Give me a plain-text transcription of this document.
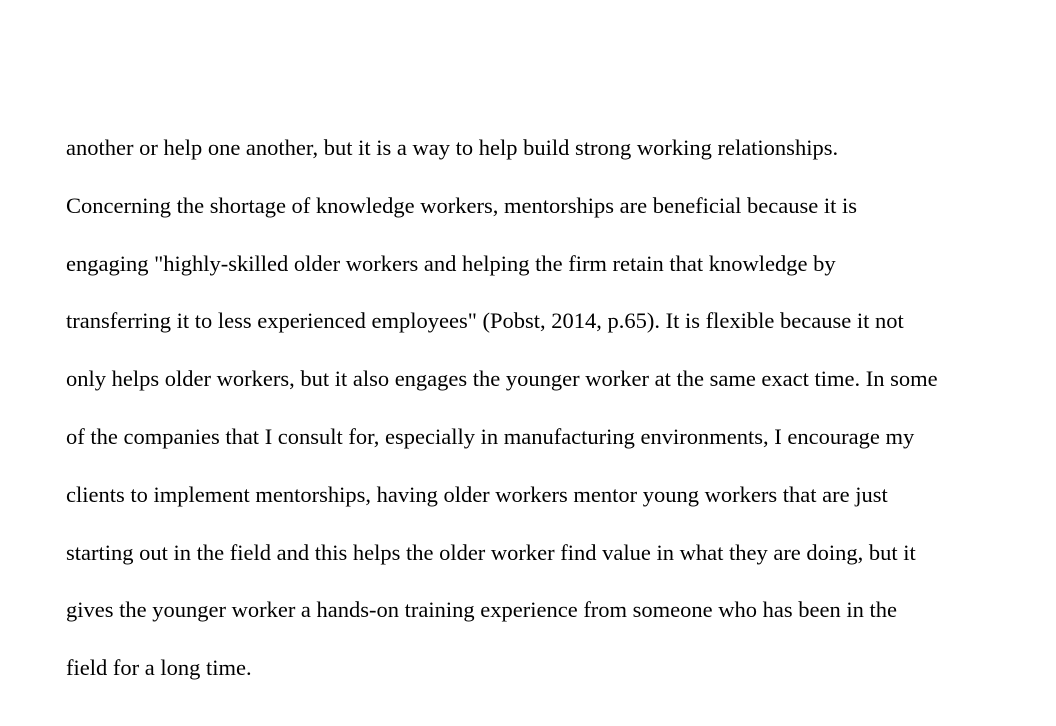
another or help one another, but it is a way to help build strong working relationships.
Concerning the shortage of knowledge workers, mentorships are beneficial because it is
engaging "highly-skilled older workers and helping the firm retain that knowledge by
transferring it to less experienced employees" (Pobst, 2014, p.65). It is flexible because it not
only helps older workers, but it also engages the younger worker at the same exact time. In some
of the companies that I consult for, especially in manufacturing environments, I encourage my
clients to implement mentorships, having older workers mentor young workers that are just
starting out in the field and this helps the older worker find value in what they are doing, but it
gives the younger worker a hands-on training experience from someone who has been in the
field for a long time.
